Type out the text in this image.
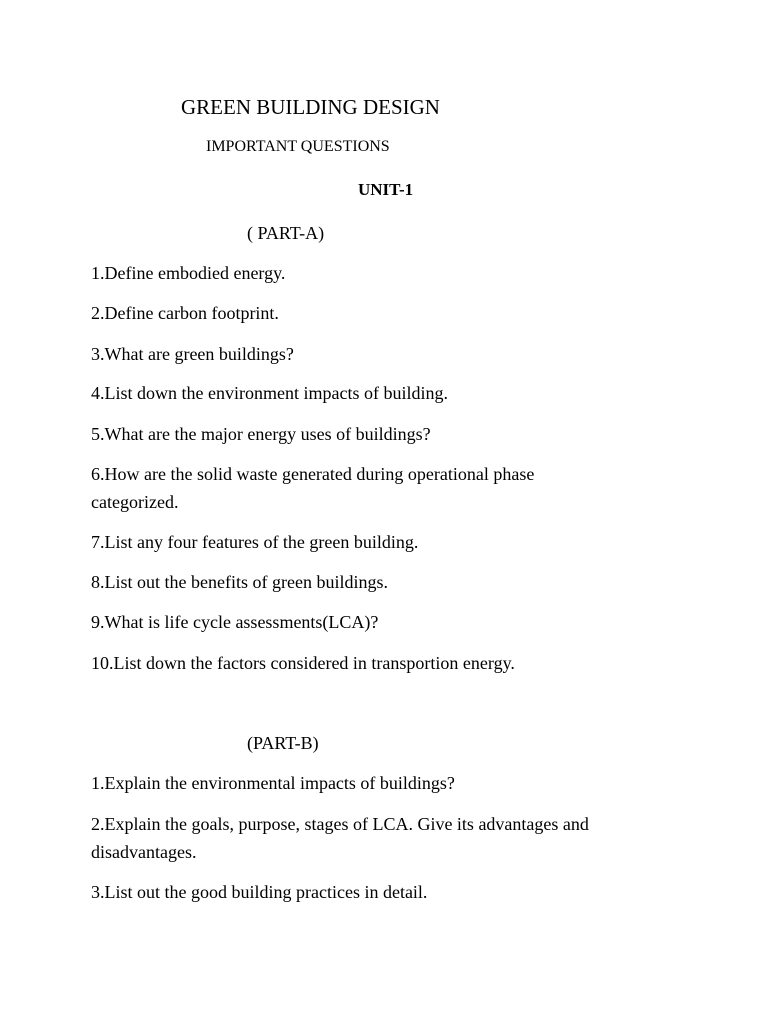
GREEN BUILDING DESIGN
IMPORTANT QUESTIONS
UNIT-1
( PART-A)
1.Define embodied energy.
2.Define carbon footprint.
3.What are green buildings?
4.List down the environment impacts of building.
5.What are the major energy uses of buildings?
6.How are the solid waste generated during operational phase
categorized.
7.List any four features of the green building.
8.List out the benefits of green buildings.
9.What is life cycle assessments(LCA)?
10.List down the factors considered in transportion energy.
(PART-B)
1.Explain the environmental impacts of buildings?
2.Explain the goals, purpose, stages of LCA. Give its advantages and
disadvantages.
3.List out the good building practices in detail.
